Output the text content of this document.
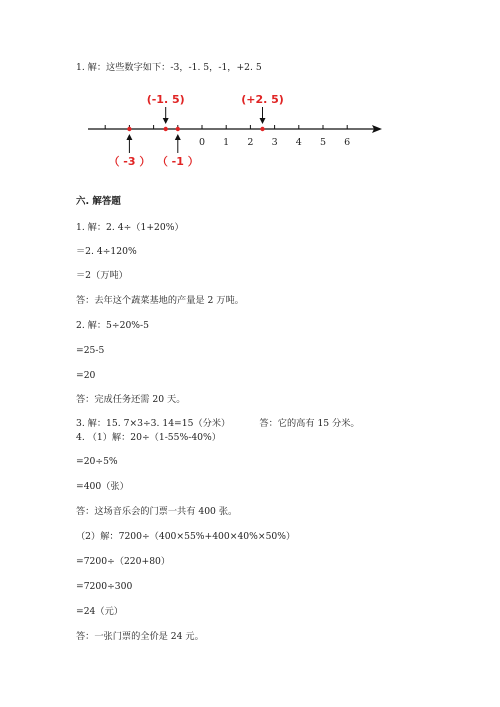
1. 解：这些数字如下：-3，-1. 5，-1，+2. 5
0 1 2 3 4 5 6
（ -3 ）
(-1. 5)
（ -1 ）
(+2. 5)
六. 解答题
1. 解：2. 4÷（1+20%）
＝2. 4÷120%
＝2（万吨）
答：去年这个蔬菜基地的产量是 2 万吨。
2. 解：5÷20%-5
=25-5
=20
答：完成任务还需 20 天。
3. 解：15. 7×3÷3. 14=15（分米）          答：它的高有 15 分米。
4. （1）解：20÷（1-55%-40%）
=20÷5%
=400（张）
答：这场音乐会的门票一共有 400 张。
（2）解：7200÷（400×55%+400×40%×50%）
=7200÷（220+80）
=7200÷300
=24（元）
答：一张门票的全价是 24 元。
